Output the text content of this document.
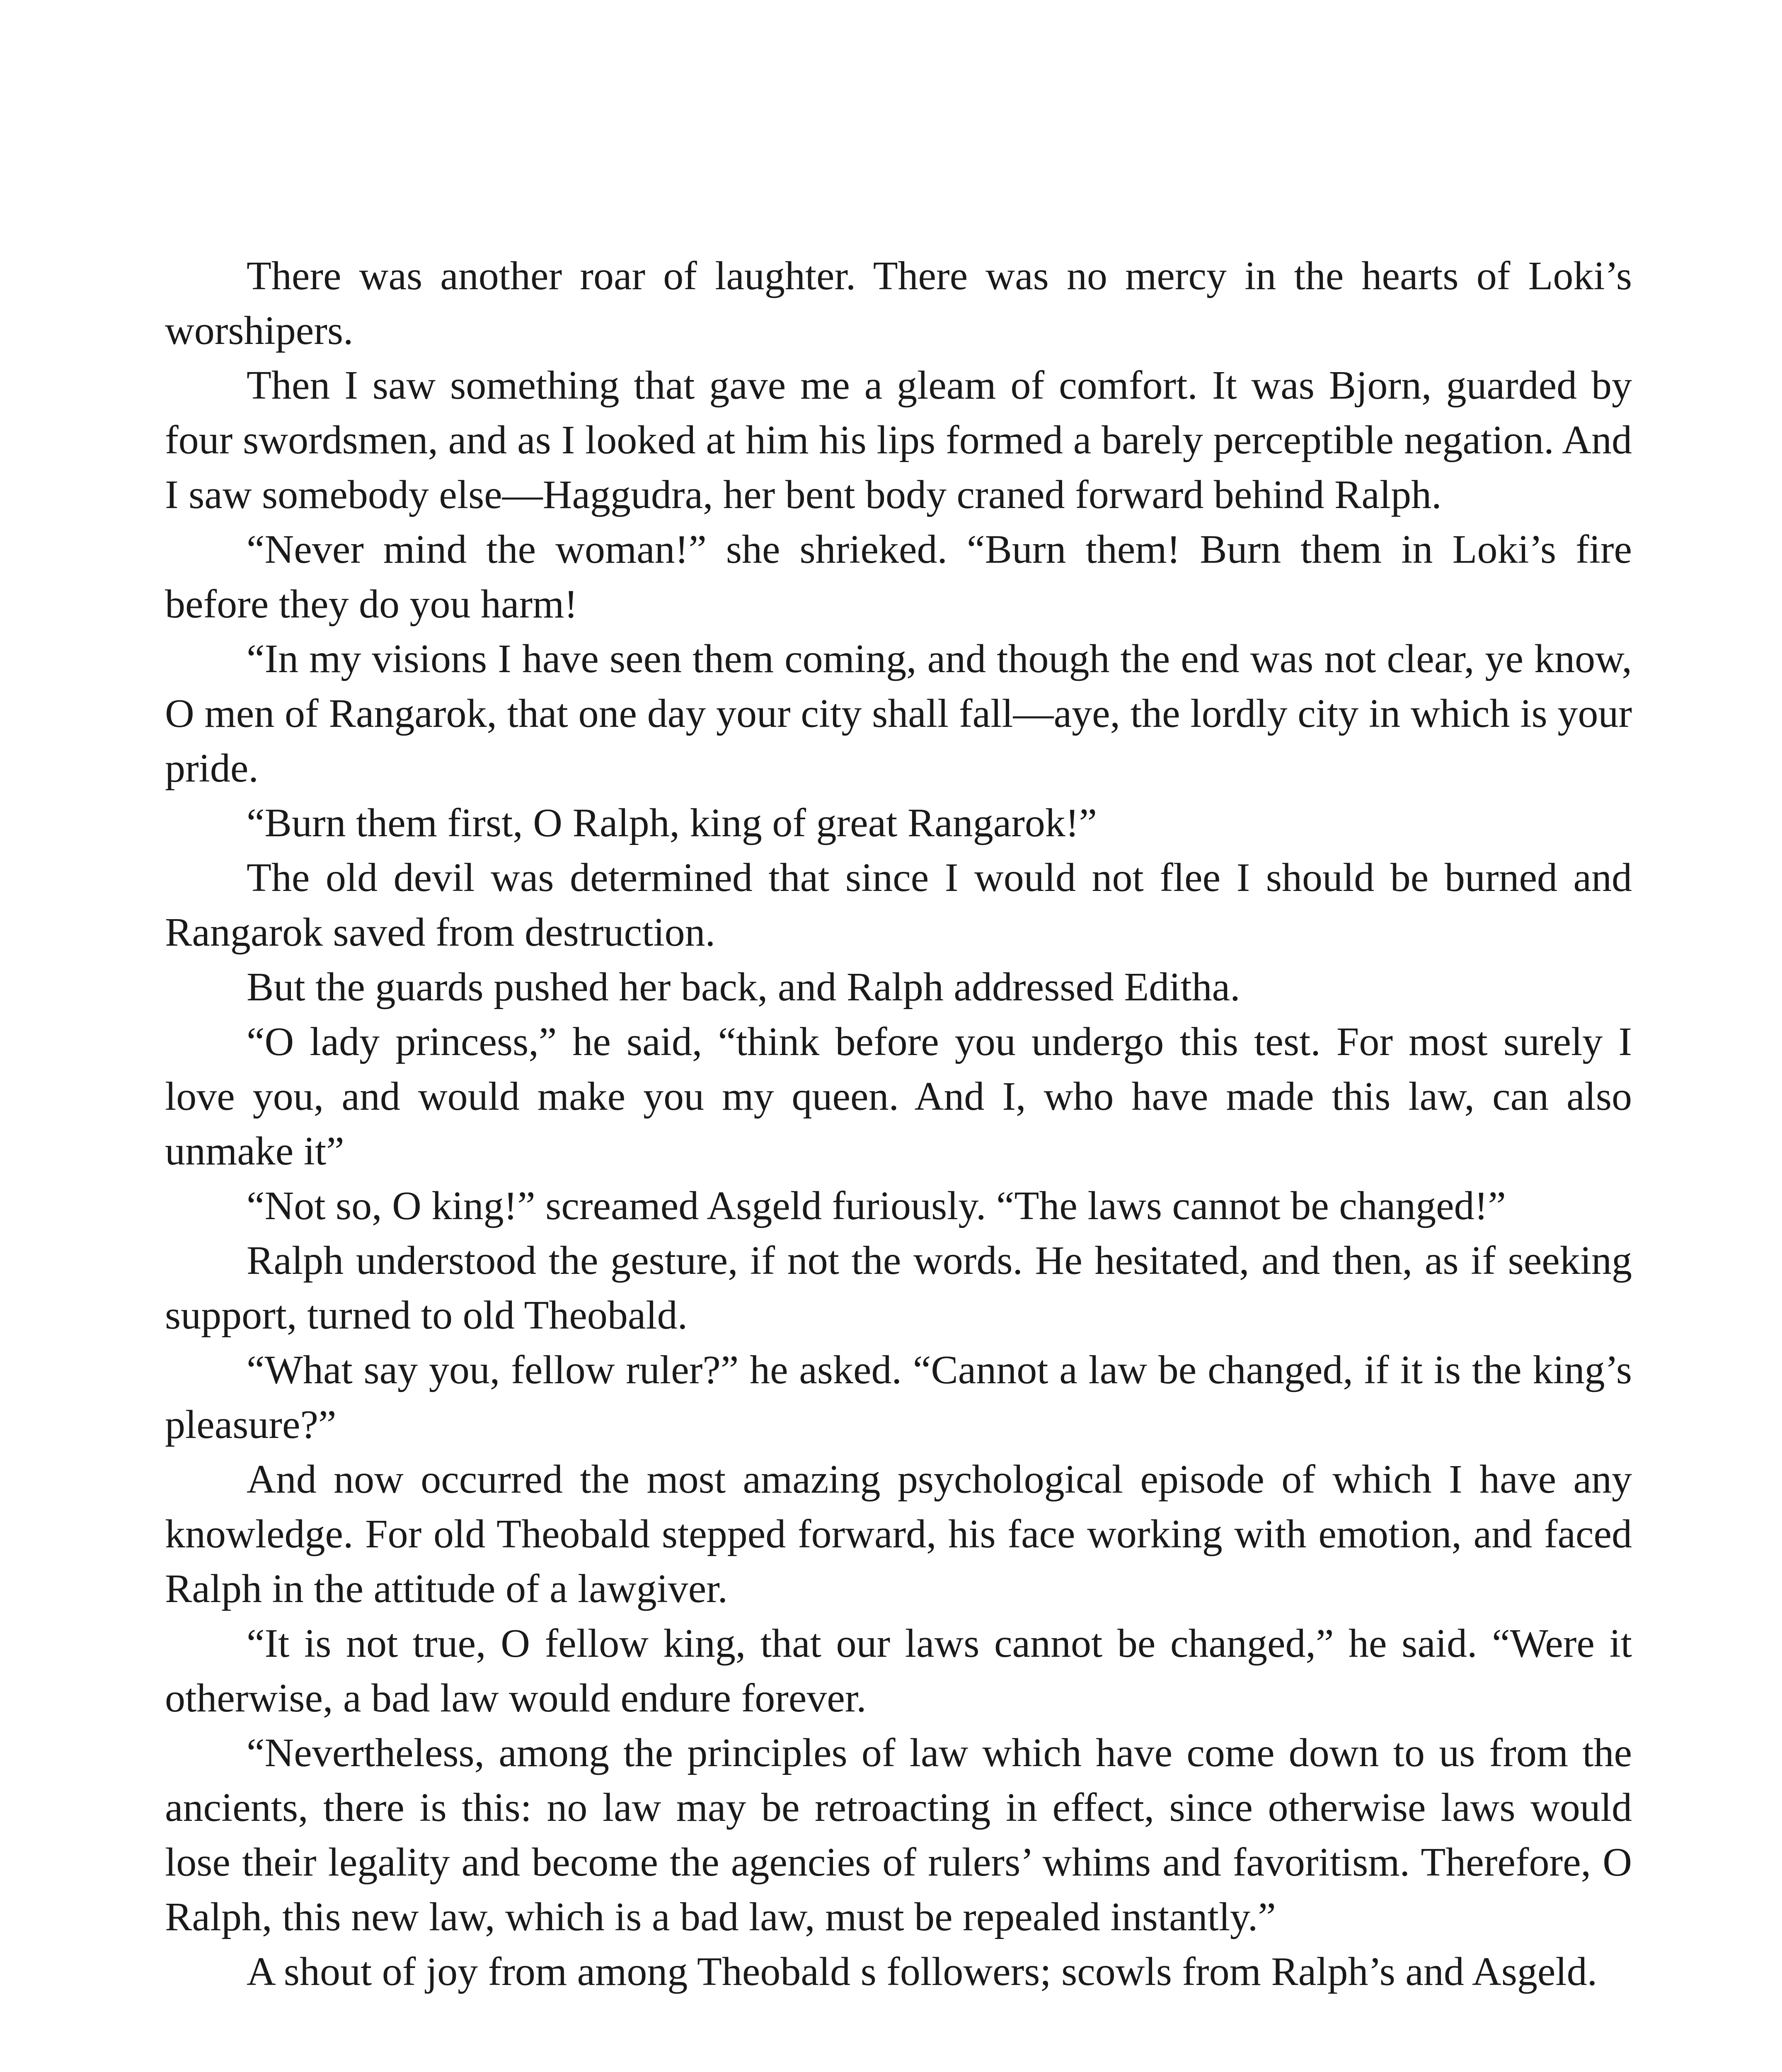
There was another roar of laughter. There was no mercy in the hearts of Loki’s worshipers.

Then I saw something that gave me a gleam of comfort. It was Bjorn, guarded by four swordsmen, and as I looked at him his lips formed a barely perceptible negation. And I saw somebody else—Haggudra, her bent body craned forward behind Ralph.

“Never mind the woman!” she shrieked. “Burn them! Burn them in Loki’s fire before they do you harm!

“In my visions I have seen them coming, and though the end was not clear, ye know, O men of Rangarok, that one day your city shall fall—aye, the lordly city in which is your pride.

“Burn them first, O Ralph, king of great Rangarok!”

The old devil was determined that since I would not flee I should be burned and Rangarok saved from destruction.

But the guards pushed her back, and Ralph addressed Editha.

“O lady princess,” he said, “think before you undergo this test. For most surely I love you, and would make you my queen. And I, who have made this law, can also unmake it”

“Not so, O king!” screamed Asgeld furiously. “The laws cannot be changed!”

Ralph understood the gesture, if not the words. He hesitated, and then, as if seeking support, turned to old Theobald.

“What say you, fellow ruler?” he asked. “Cannot a law be changed, if it is the king’s pleasure?”

And now occurred the most amazing psychological episode of which I have any knowledge. For old Theobald stepped forward, his face working with emotion, and faced Ralph in the attitude of a lawgiver.

“It is not true, O fellow king, that our laws cannot be changed,” he said. “Were it otherwise, a bad law would endure forever.

“Nevertheless, among the principles of law which have come down to us from the ancients, there is this: no law may be retroacting in effect, since otherwise laws would lose their legality and become the agencies of rulers’ whims and favoritism. Therefore, O Ralph, this new law, which is a bad law, must be repealed instantly.”

A shout of joy from among Theobald s followers; scowls from Ralph’s and Asgeld.
